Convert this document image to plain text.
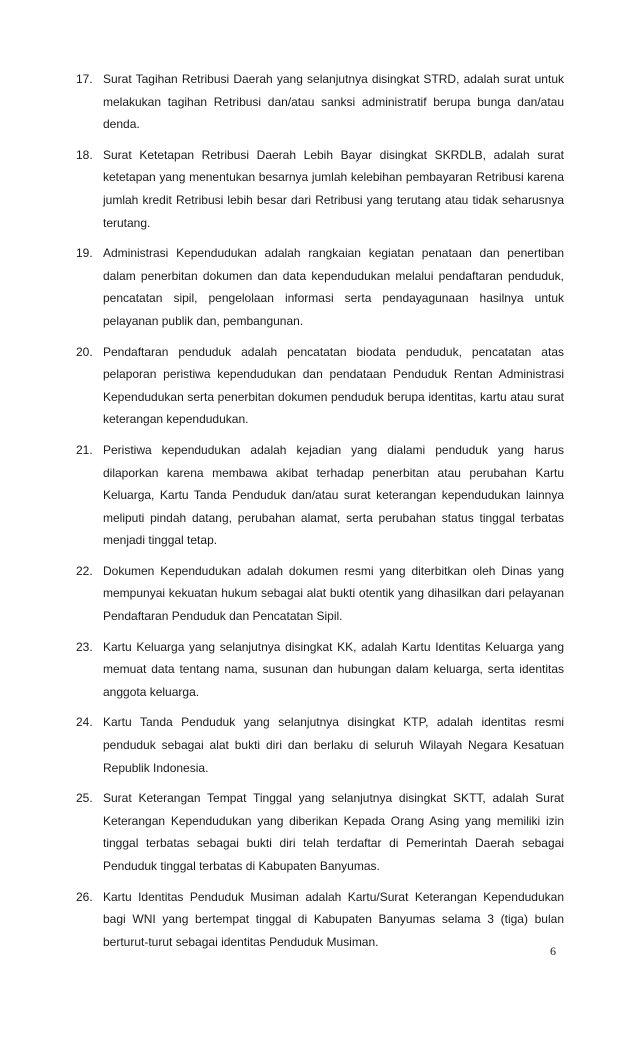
17. Surat Tagihan Retribusi Daerah yang selanjutnya disingkat STRD, adalah surat untuk melakukan tagihan Retribusi dan/atau sanksi administratif berupa bunga dan/atau denda.
18. Surat Ketetapan Retribusi Daerah Lebih Bayar disingkat SKRDLB, adalah surat ketetapan yang menentukan besarnya jumlah kelebihan pembayaran Retribusi karena jumlah kredit Retribusi lebih besar dari Retribusi yang terutang atau tidak seharusnya terutang.
19. Administrasi Kependudukan adalah rangkaian kegiatan penataan dan penertiban dalam penerbitan dokumen dan data kependudukan melalui pendaftaran penduduk, pencatatan sipil, pengelolaan informasi serta pendayagunaan hasilnya untuk pelayanan publik dan, pembangunan.
20. Pendaftaran penduduk adalah pencatatan biodata penduduk, pencatatan atas pelaporan peristiwa kependudukan dan pendataan Penduduk Rentan Administrasi Kependudukan serta penerbitan dokumen penduduk berupa identitas, kartu atau surat keterangan kependudukan.
21. Peristiwa kependudukan adalah kejadian yang dialami penduduk yang harus dilaporkan karena membawa akibat terhadap penerbitan atau perubahan Kartu Keluarga, Kartu Tanda Penduduk dan/atau surat keterangan kependudukan lainnya meliputi pindah datang, perubahan alamat, serta perubahan status tinggal terbatas menjadi tinggal tetap.
22. Dokumen Kependudukan adalah dokumen resmi yang diterbitkan oleh Dinas yang mempunyai kekuatan hukum sebagai alat bukti otentik yang dihasilkan dari pelayanan Pendaftaran Penduduk dan Pencatatan Sipil.
23. Kartu Keluarga yang selanjutnya disingkat KK, adalah Kartu Identitas Keluarga yang memuat data tentang nama, susunan dan hubungan dalam keluarga, serta identitas anggota keluarga.
24. Kartu Tanda Penduduk yang selanjutnya disingkat KTP, adalah identitas resmi penduduk sebagai alat bukti diri dan berlaku di seluruh Wilayah Negara Kesatuan Republik Indonesia.
25. Surat Keterangan Tempat Tinggal yang selanjutnya disingkat SKTT, adalah Surat Keterangan Kependudukan yang diberikan Kepada Orang Asing yang memiliki izin tinggal terbatas sebagai bukti diri telah terdaftar di Pemerintah Daerah sebagai Penduduk tinggal terbatas di Kabupaten Banyumas.
26. Kartu Identitas Penduduk Musiman adalah Kartu/Surat Keterangan Kependudukan bagi WNI yang bertempat tinggal di Kabupaten Banyumas selama 3 (tiga) bulan berturut-turut sebagai identitas Penduduk Musiman.
6
